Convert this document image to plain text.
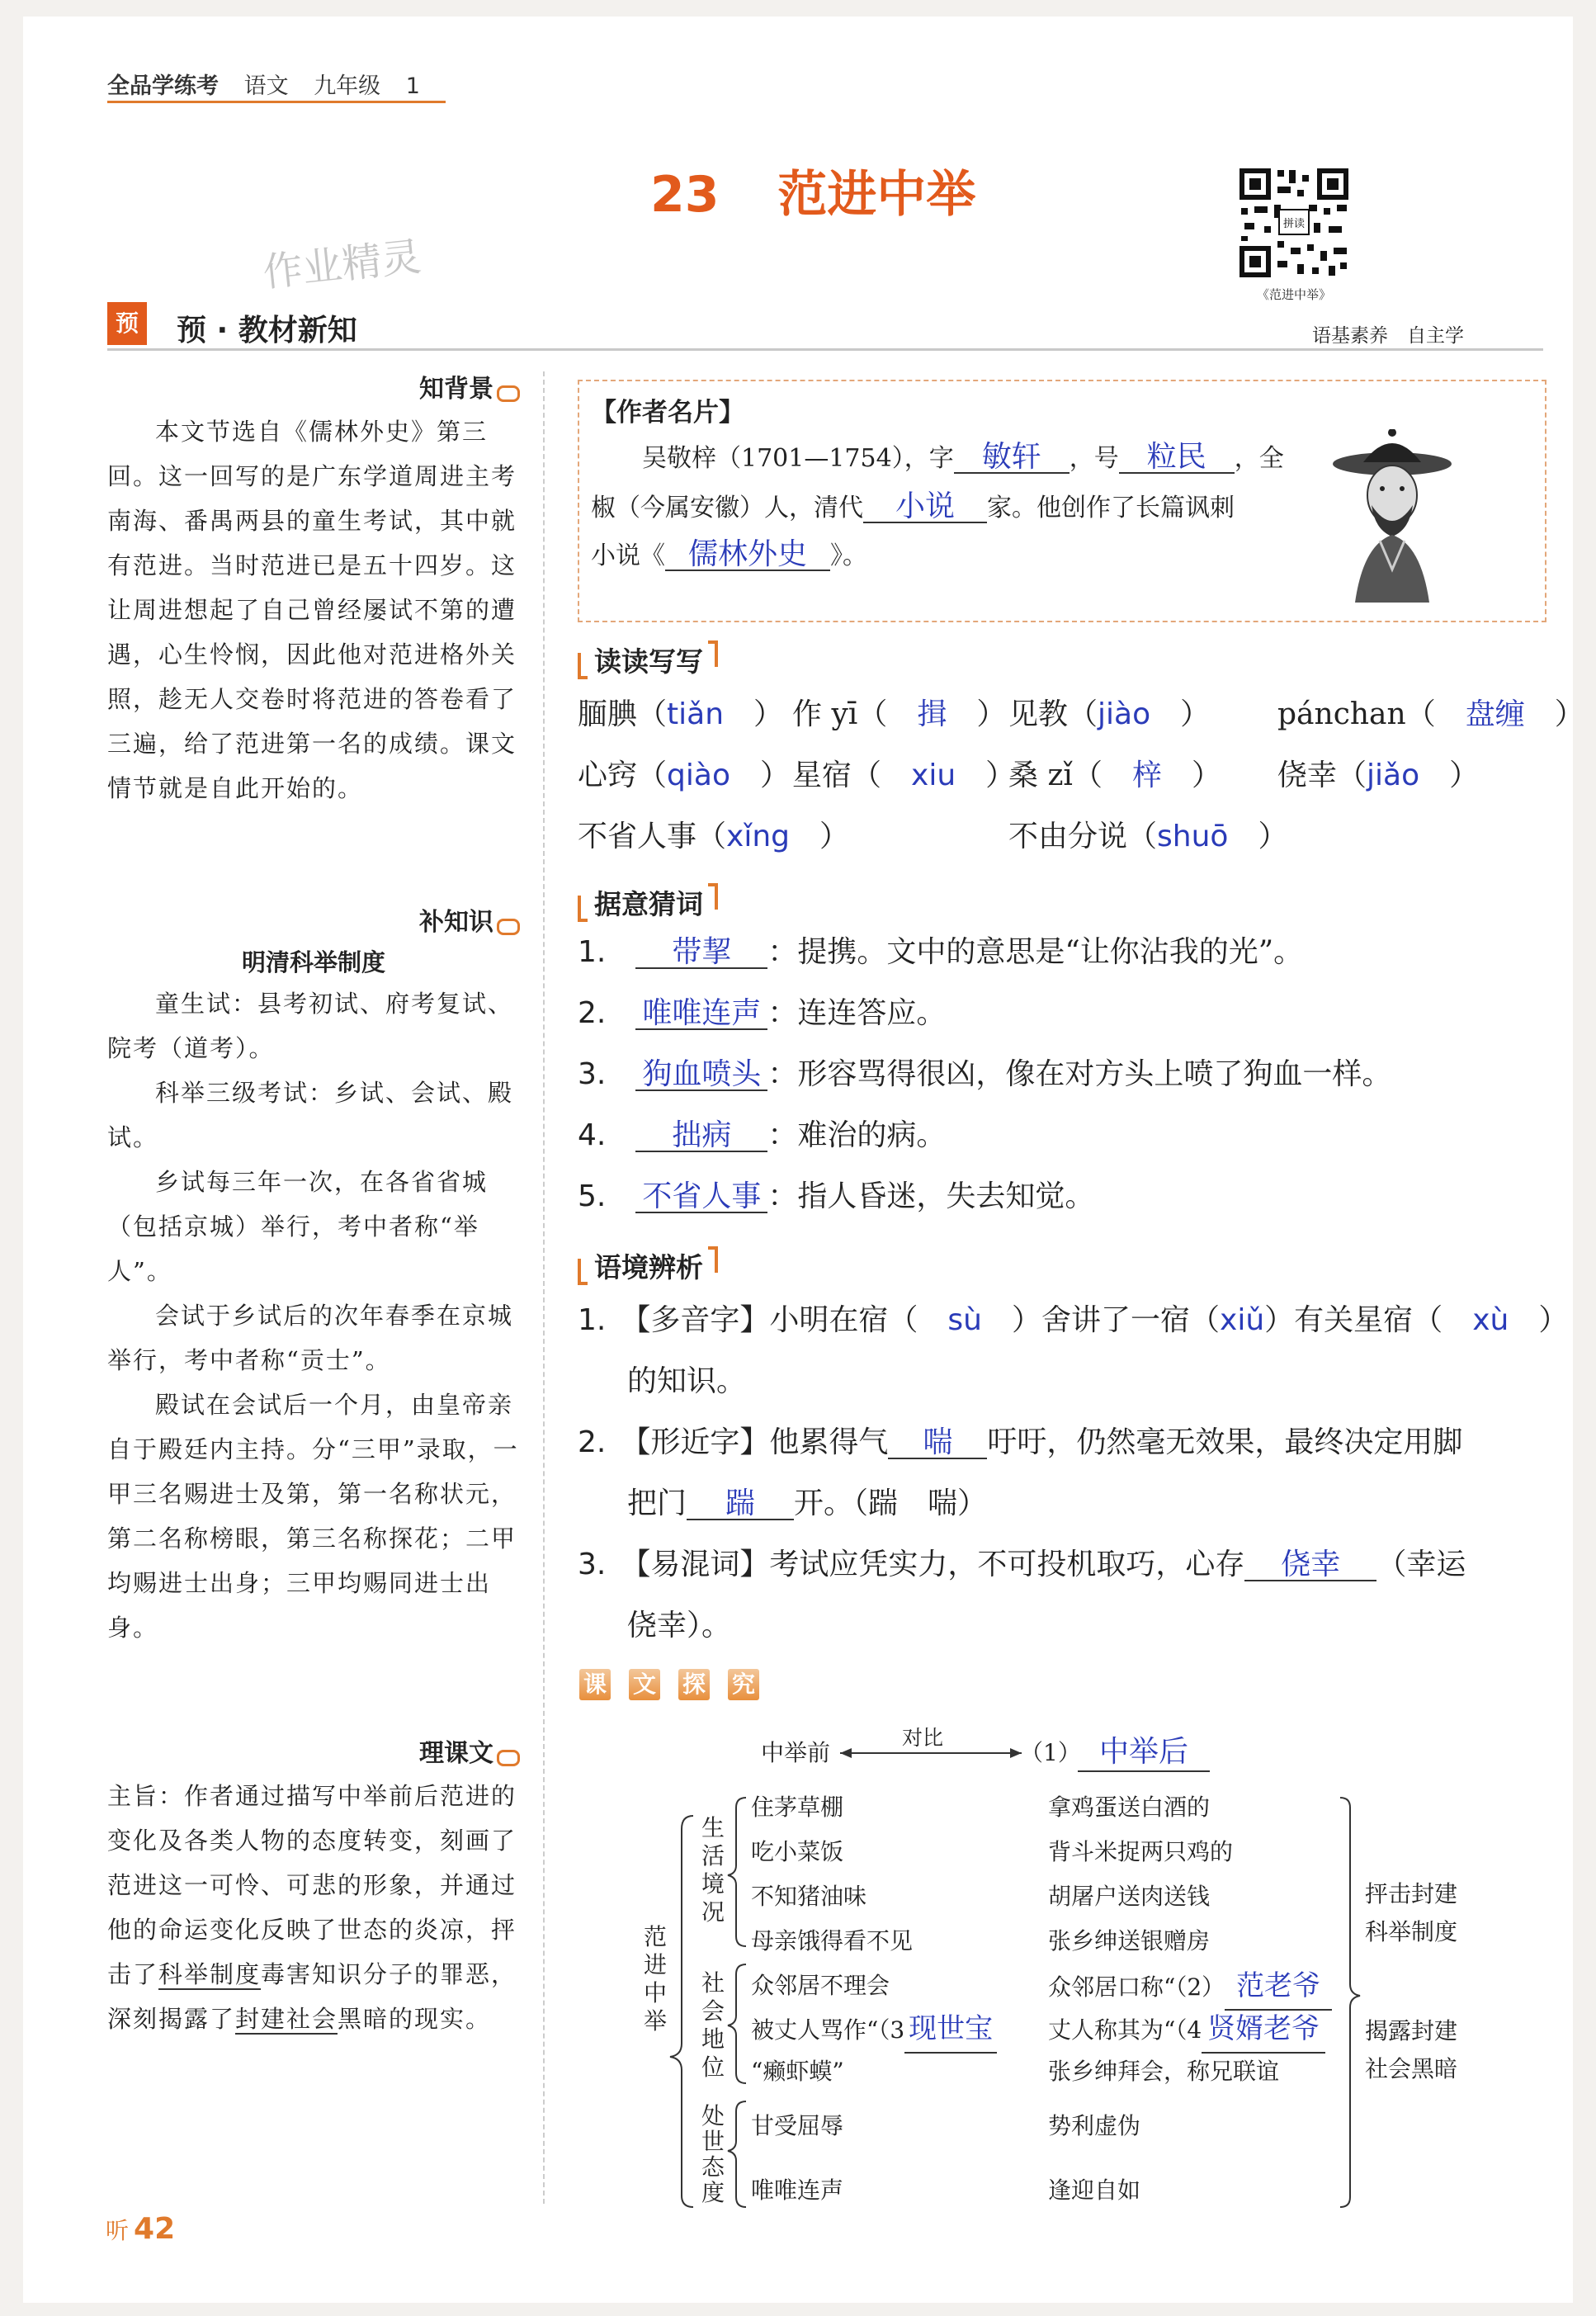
全品学练考 语文 九年级 1
23 范进中举
拼读
《范进中举》
作业精灵
预 预 · 教材新知	语基素养　自主学
知背景

本文节选自《儒林外史》第三回。这一回写的是广东学道周进主考南海、番禺两县的童生考试，其中就有范进。当时范进已是五十四岁。这让周进想起了自己曾经屡试不第的遭遇，心生怜悯，因此他对范进格外关照，趁无人交卷时将范进的答卷看了三遍，给了范进第一名的成绩。课文情节就是自此开始的。

补知识
明清科举制度

童生试：县考初试、府考复试、院考（道考）。

科举三级考试：乡试、会试、殿试。

乡试每三年一次，在各省省城（包括京城）举行，考中者称“举人”。

会试于乡试后的次年春季在京城举行，考中者称“贡士”。

殿试在会试后一个月，由皇帝亲自于殿廷内主持。分“三甲”录取，一甲三名赐进士及第，第一名称状元，第二名称榜眼，第三名称探花；二甲均赐进士出身；三甲均赐同进士出身。

理课文

主旨：作者通过描写中举前后范进的变化及各类人物的态度转变，刻画了范进这一可怜、可悲的形象，并通过他的命运变化反映了世态的炎凉，抨击了科举制度毒害知识分子的罪恶，深刻揭露了封建社会黑暗的现实。

听 42
【作者名片】
吴敬梓（1701—1754），字 敏轩 ，号 粒民 ，全
椒（今属安徽）人，清代 小说 家。他创作了长篇讽刺
小说《 儒林外史 》。
读读写写
腼腆（tiǎn　） 作 yī（　揖　） 见教（jiào　） pánchan（　盘缠　）
心窍（qiào　） 星宿（　xiu　）
桑 zǐ（　梓　） 侥幸（jiǎo　）
不省人事（xǐng　）	不由分说（shuō　）
据意猜词
1.　 带挈 ：提携。文中的意思是“让你沾我的光”。
2.　 唯唯连声 ：连连答应。
3.　 狗血喷头 ：形容骂得很凶，像在对方头上喷了狗血一样。
4.　 拙病 ：难治的病。
5.　 不省人事 ：指人昏迷，失去知觉。
语境辨析
1.　 【多音字】小明在宿（　 sù　 ）舍讲了一宿（xiǔ）有关星宿（　 xù　 ）
的知识。
2.　 【形近字】他累得气 喘 吁吁，仍然毫无效果，最终决定用脚
把门 踹 开。（踹　喘）
3.　 【易混词】考试应凭实力，不可投机取巧，心存 侥幸 （幸运
侥幸）。
课 文 探 究
中举前
对比
（1） 中举后
范进中举
生活境况
社会地位
处世态度
住茅草棚
吃小菜饭
不知猪油味
母亲饿得看不见
拿鸡蛋送白酒的
背斗米捉两只鸡的
胡屠户送肉送钱
张乡绅送银赠房
众邻居不理会
被丈人骂作“（3 现世宝
“癞虾蟆”
众邻居口称“（2） 范老爷
丈人称其为“（4 贤婿老爷
张乡绅拜会，称兄联谊
甘受屈辱
唯唯连声
势利虚伪
逢迎自如
抨击封建科举制度
揭露封建社会黑暗
